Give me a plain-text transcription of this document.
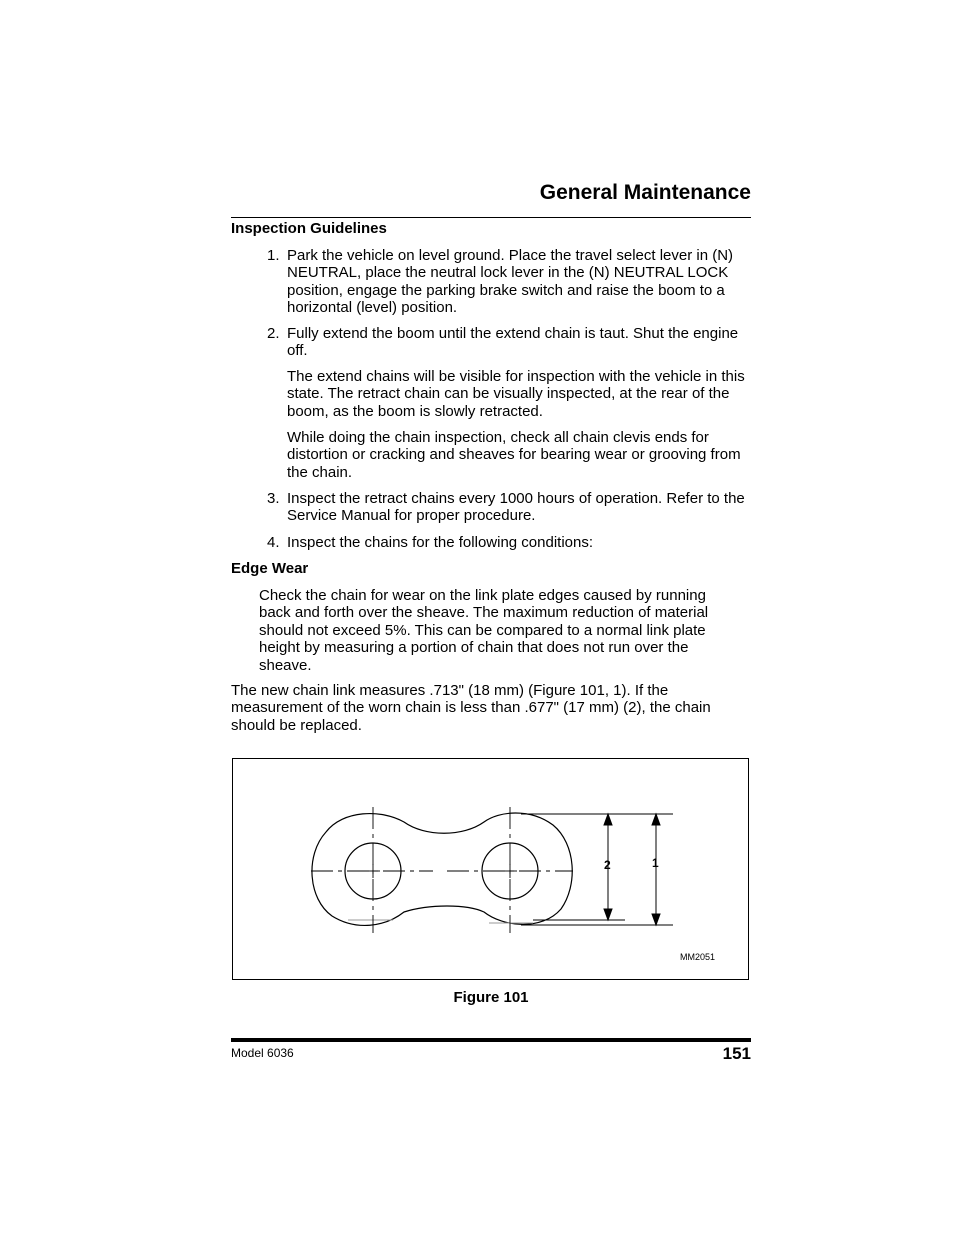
General Maintenance
Inspection Guidelines
1. Park the vehicle on level ground. Place the travel select lever in (N) NEUTRAL, place the neutral lock lever in the (N) NEUTRAL LOCK position, engage the parking brake switch and raise the boom to a horizontal (level) position.

2. Fully extend the boom until the extend chain is taut. Shut the engine off.

The extend chains will be visible for inspection with the vehicle in this state. The retract chain can be visually inspected, at the rear of the boom, as the boom is slowly retracted.

While doing the chain inspection, check all chain clevis ends for distortion or cracking and sheaves for bearing wear or grooving from the chain.

3. Inspect the retract chains every 1000 hours of operation. Refer to the Service Manual for proper procedure.

4. Inspect the chains for the following conditions:

Edge Wear

Check the chain for wear on the link plate edges caused by running back and forth over the sheave. The maximum reduction of material should not exceed 5%. This can be compared to a normal link plate height by measuring a portion of chain that does not run over the sheave.

The new chain link measures .713" (18 mm) (Figure 101, 1). If the measurement of the worn chain is less than .677" (17 mm) (2), the chain should be replaced.

2	1
MM2051

Figure 101

Model 6036	151
